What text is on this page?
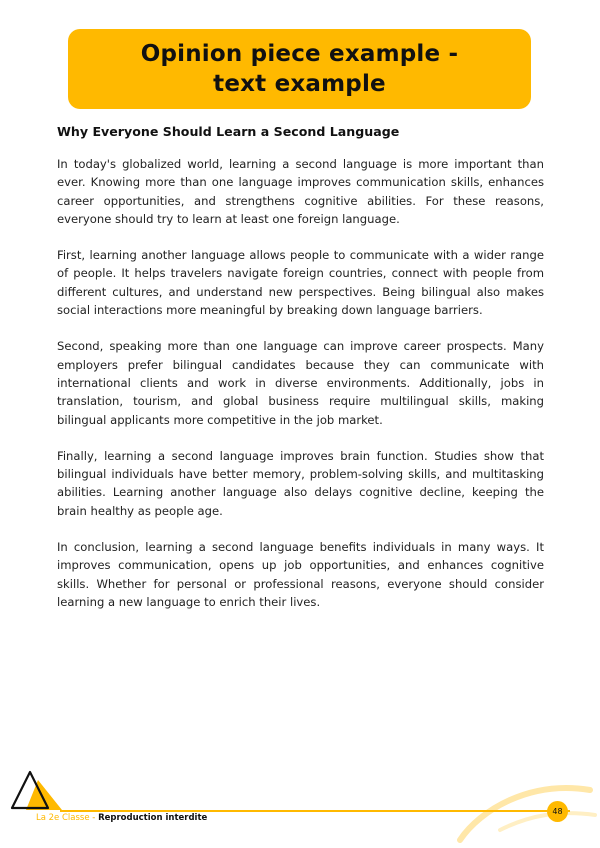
Opinion piece example -
text example
Why Everyone Should Learn a Second Language

In today's globalized world, learning a second language is more important than ever. Knowing more than one language improves communication skills, enhances career opportunities, and strengthens cognitive abilities. For these reasons, everyone should try to learn at least one foreign language.

First, learning another language allows people to communicate with a wider range of people. It helps travelers navigate foreign countries, connect with people from different cultures, and understand new perspectives. Being bilingual also makes social interactions more meaningful by breaking down language barriers.

Second, speaking more than one language can improve career prospects. Many employers prefer bilingual candidates because they can communicate with international clients and work in diverse environments. Additionally, jobs in translation, tourism, and global business require multilingual skills, making bilingual applicants more competitive in the job market.

Finally, learning a second language improves brain function. Studies show that bilingual individuals have better memory, problem-solving skills, and multitasking abilities. Learning another language also delays cognitive decline, keeping the brain healthy as people age.

In conclusion, learning a second language benefits individuals in many ways. It improves communication, opens up job opportunities, and enhances cognitive skills. Whether for personal or professional reasons, everyone should consider learning a new language to enrich their lives.

La 2e Classe - Reproduction interdite
48
